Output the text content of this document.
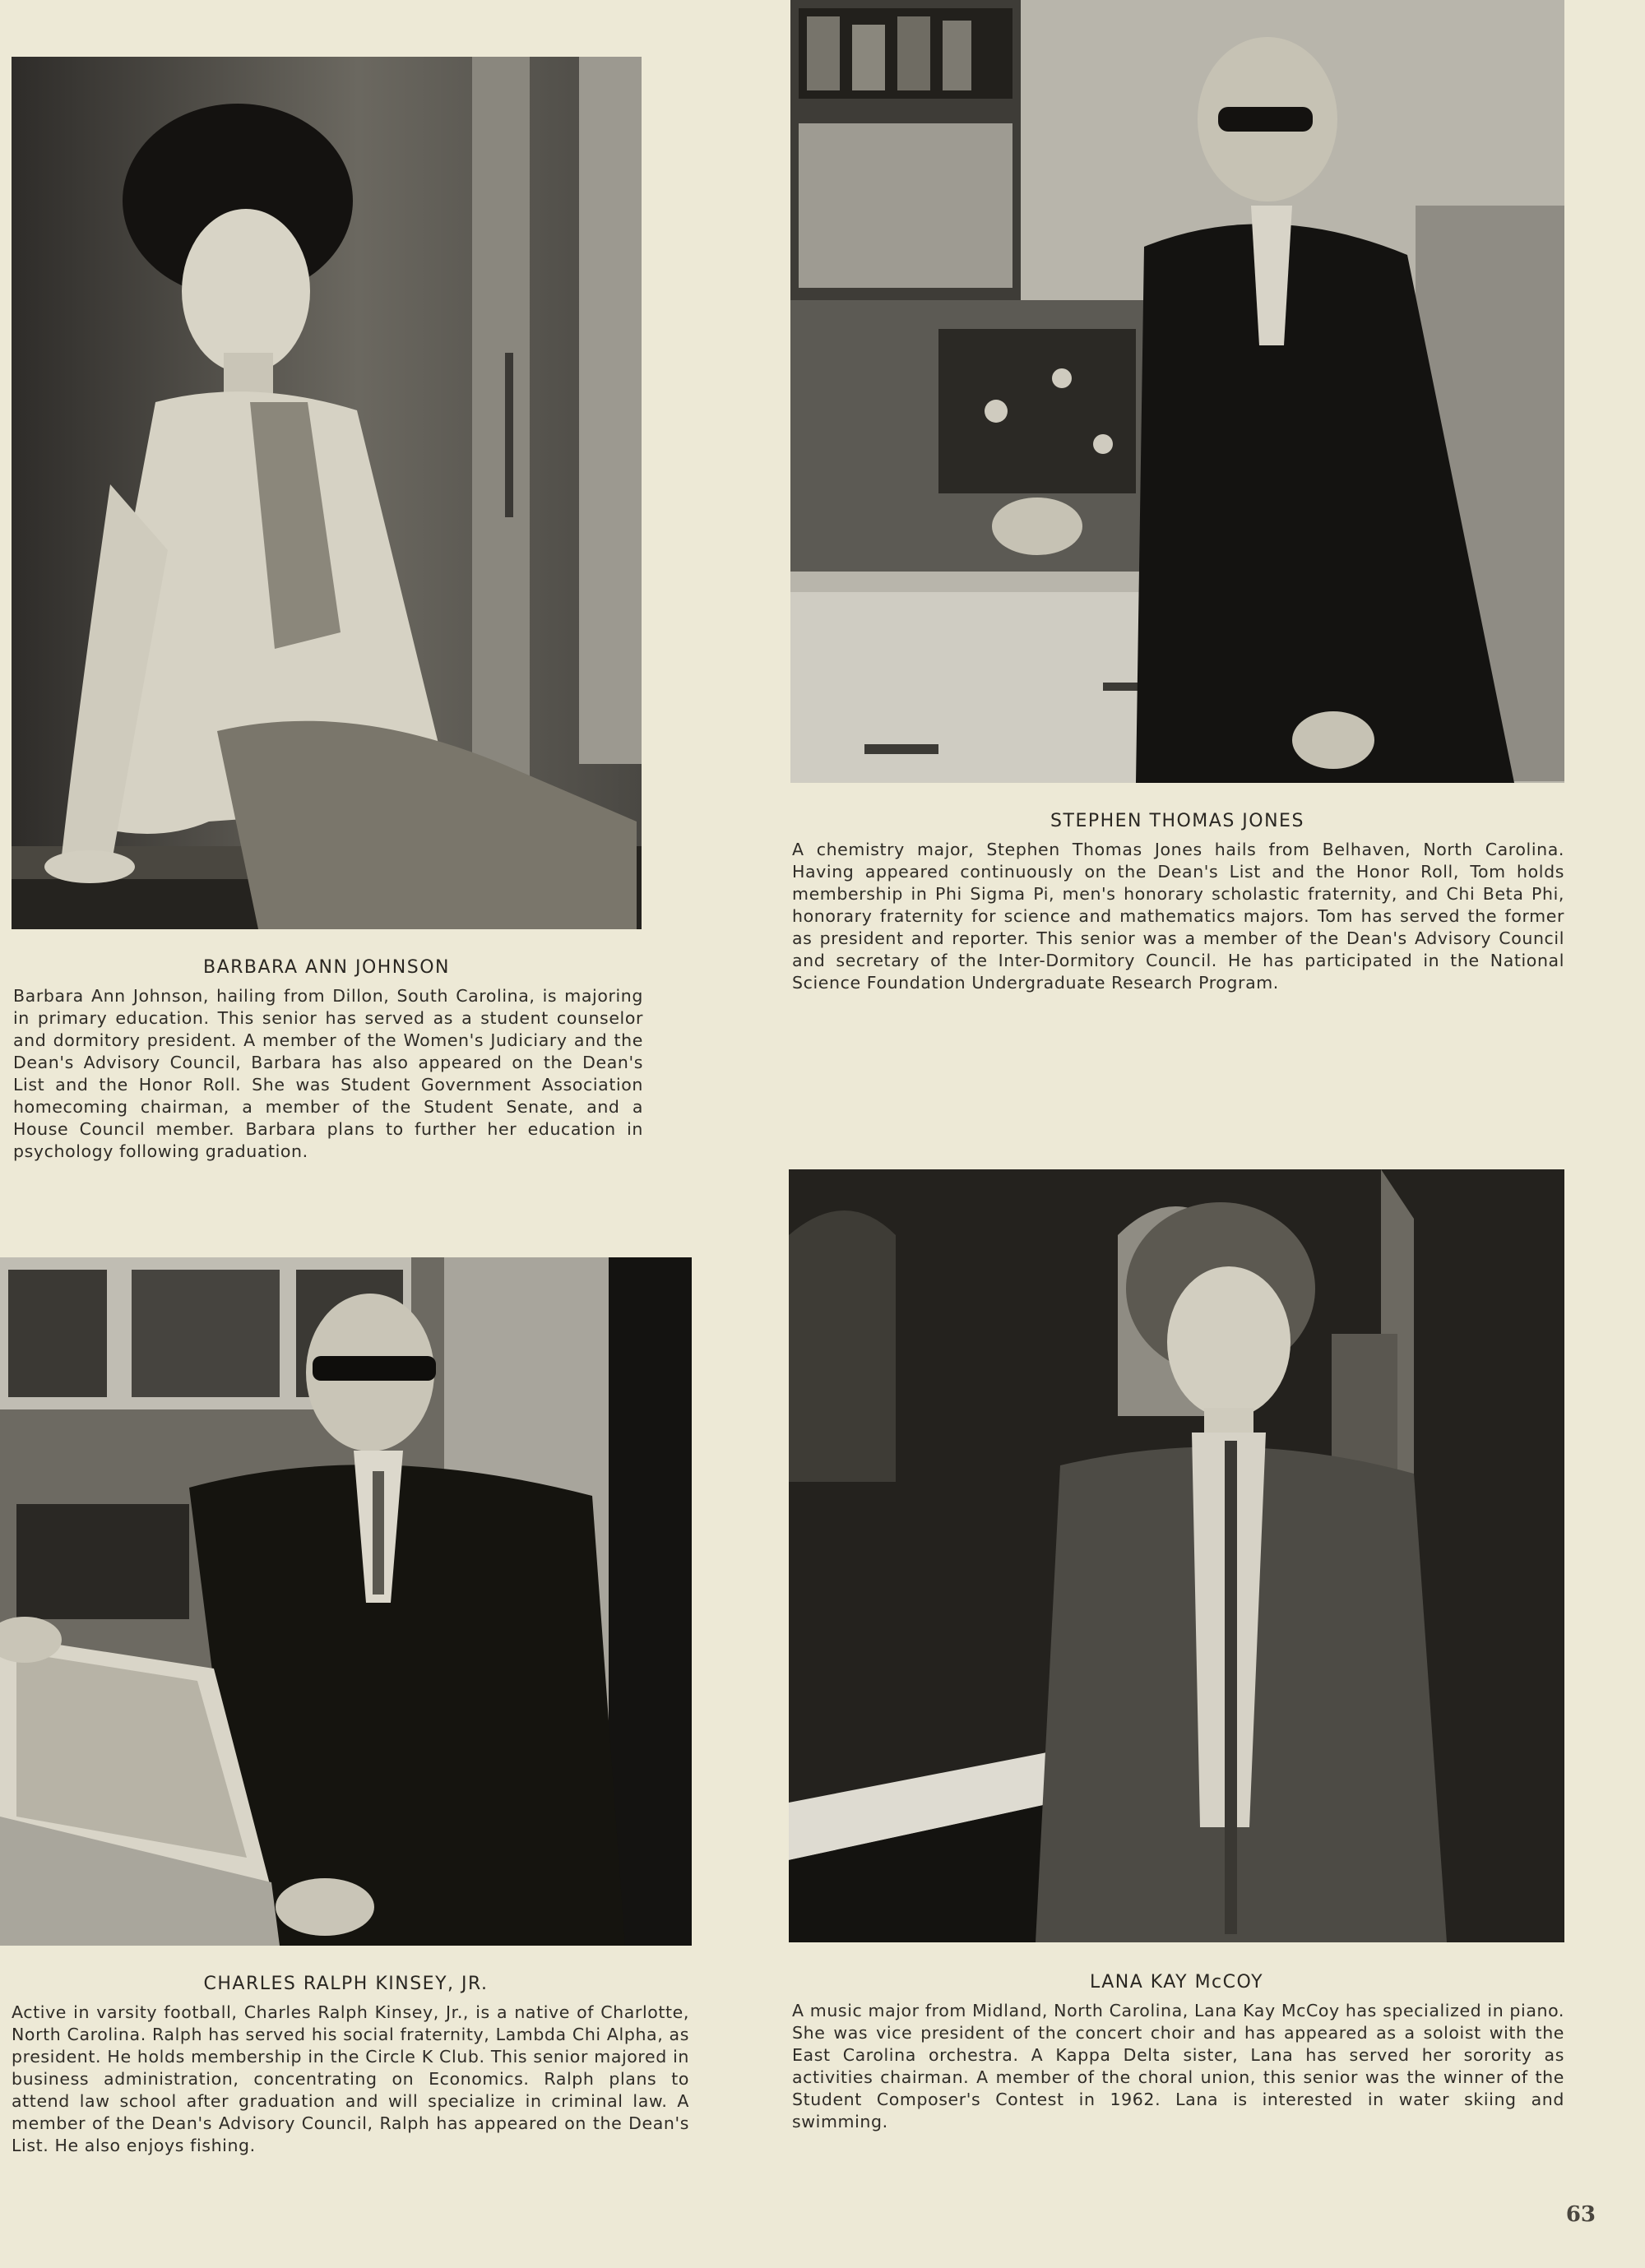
BARBARA ANN JOHNSON

Barbara Ann Johnson, hailing from Dillon, South Carolina, is majoring in primary education. This senior has served as a student counselor and dormitory president. A member of the Women's Judiciary and the Dean's Advisory Council, Barbara has also appeared on the Dean's List and the Honor Roll. She was Student Government Association homecoming chairman, a member of the Student Senate, and a House Council member. Barbara plans to further her education in psychology following graduation.

STEPHEN THOMAS JONES

A chemistry major, Stephen Thomas Jones hails from Belhaven, North Carolina. Having appeared continuously on the Dean's List and the Honor Roll, Tom holds membership in Phi Sigma Pi, men's honorary scholastic fraternity, and Chi Beta Phi, honorary fraternity for science and mathematics majors. Tom has served the former as president and reporter. This senior was a member of the Dean's Advisory Council and secretary of the Inter-Dormitory Council. He has participated in the National Science Foundation Undergraduate Research Program.

CHARLES RALPH KINSEY, JR.

Active in varsity football, Charles Ralph Kinsey, Jr., is a native of Charlotte, North Carolina. Ralph has served his social fraternity, Lambda Chi Alpha, as president. He holds membership in the Circle K Club. This senior majored in business administration, concentrating on Economics. Ralph plans to attend law school after graduation and will specialize in criminal law. A member of the Dean's Advisory Council, Ralph has appeared on the Dean's List. He also enjoys fishing.

LANA KAY McCOY

A music major from Midland, North Carolina, Lana Kay McCoy has specialized in piano. She was vice president of the concert choir and has appeared as a soloist with the East Carolina orchestra. A Kappa Delta sister, Lana has served her sorority as activities chairman. A member of the choral union, this senior was the winner of the Student Composer's Contest in 1962. Lana is interested in water skiing and swimming.

63
